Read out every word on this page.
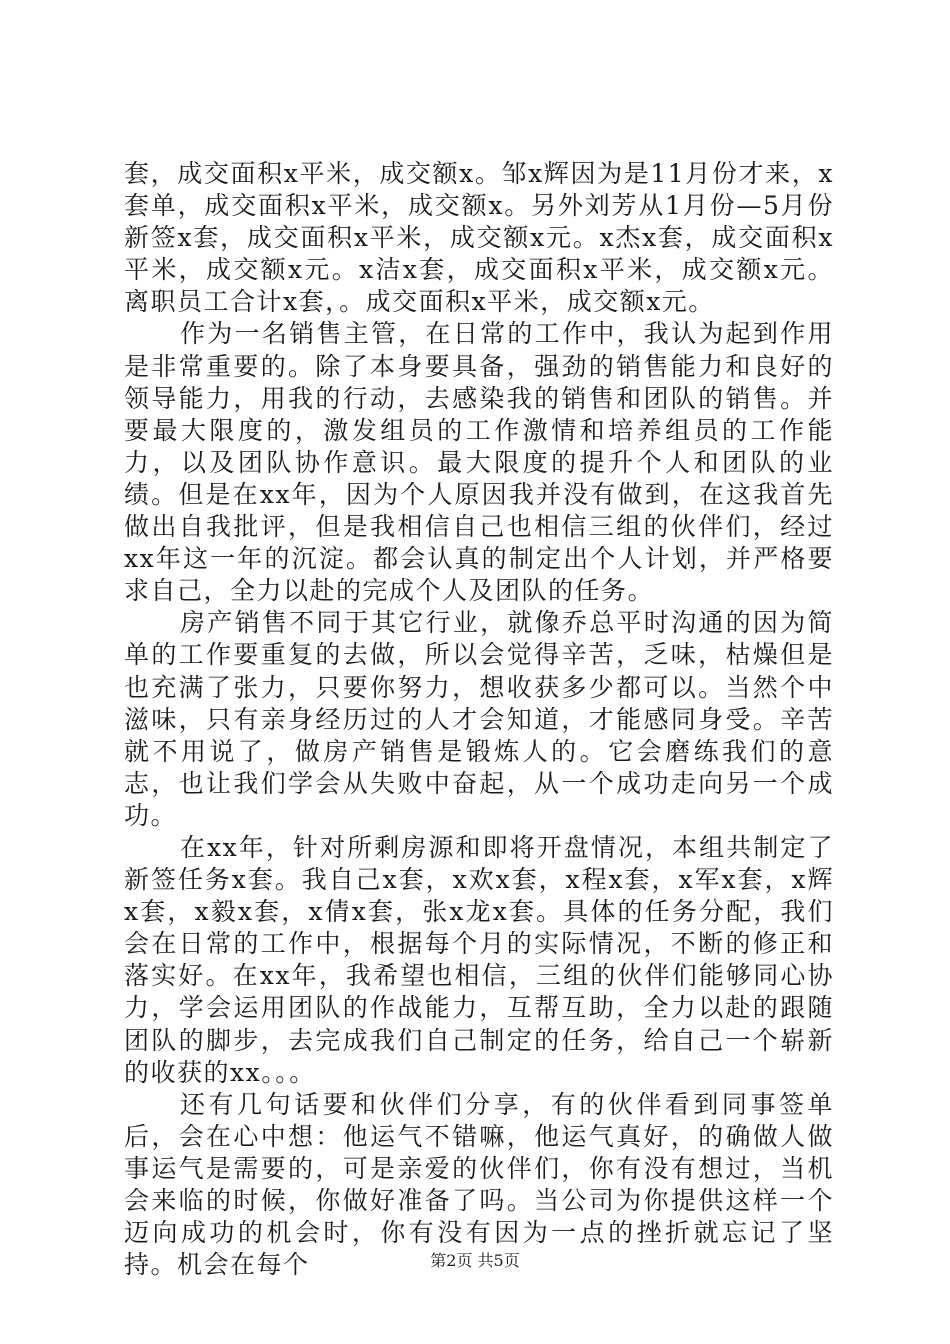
套，成交面积x平米，成交额x。邹x辉因为是11月份才来，x套单，成交面积x平米，成交额x。另外刘芳从1月份—5月份新签x套，成交面积x平米，成交额x元。x杰x套，成交面积x平米，成交额x元。x洁x套，成交面积x平米，成交额x元。离职员工合计x套，。成交面积x平米，成交额x元。

作为一名销售主管，在日常的工作中，我认为起到作用是非常重要的。除了本身要具备，强劲的销售能力和良好的领导能力，用我的行动，去感染我的销售和团队的销售。并要最大限度的，激发组员的工作激情和培养组员的工作能力，以及团队协作意识。最大限度的提升个人和团队的业绩。但是在xx年，因为个人原因我并没有做到，在这我首先做出自我批评，但是我相信自己也相信三组的伙伴们，经过xx年这一年的沉淀。都会认真的制定出个人计划，并严格要求自己，全力以赴的完成个人及团队的任务。

房产销售不同于其它行业，就像乔总平时沟通的因为简单的工作要重复的去做，所以会觉得辛苦，乏味，枯燥但是也充满了张力，只要你努力，想收获多少都可以。当然个中滋味，只有亲身经历过的人才会知道，才能感同身受。辛苦就不用说了，做房产销售是锻炼人的。它会磨练我们的意志，也让我们学会从失败中奋起，从一个成功走向另一个成功。

在xx年，针对所剩房源和即将开盘情况，本组共制定了新签任务x套。我自己x套，x欢x套，x程x套，x军x套，x辉x套，x毅x套，x倩x套，张x龙x套。具体的任务分配，我们会在日常的工作中，根据每个月的实际情况，不断的修正和落实好。在xx年，我希望也相信，三组的伙伴们能够同心协力，学会运用团队的作战能力，互帮互助，全力以赴的跟随团队的脚步，去完成我们自己制定的任务，给自己一个崭新的收获的xx。。。

还有几句话要和伙伴们分享，有的伙伴看到同事签单后，会在心中想：他运气不错嘛，他运气真好，的确做人做事运气是需要的，可是亲爱的伙伴们，你有没有想过，当机会来临的时候，你做好准备了吗。当公司为你提供这样一个迈向成功的机会时，你有没有因为一点的挫折就忘记了坚持。机会在每个	第2页 共5页
